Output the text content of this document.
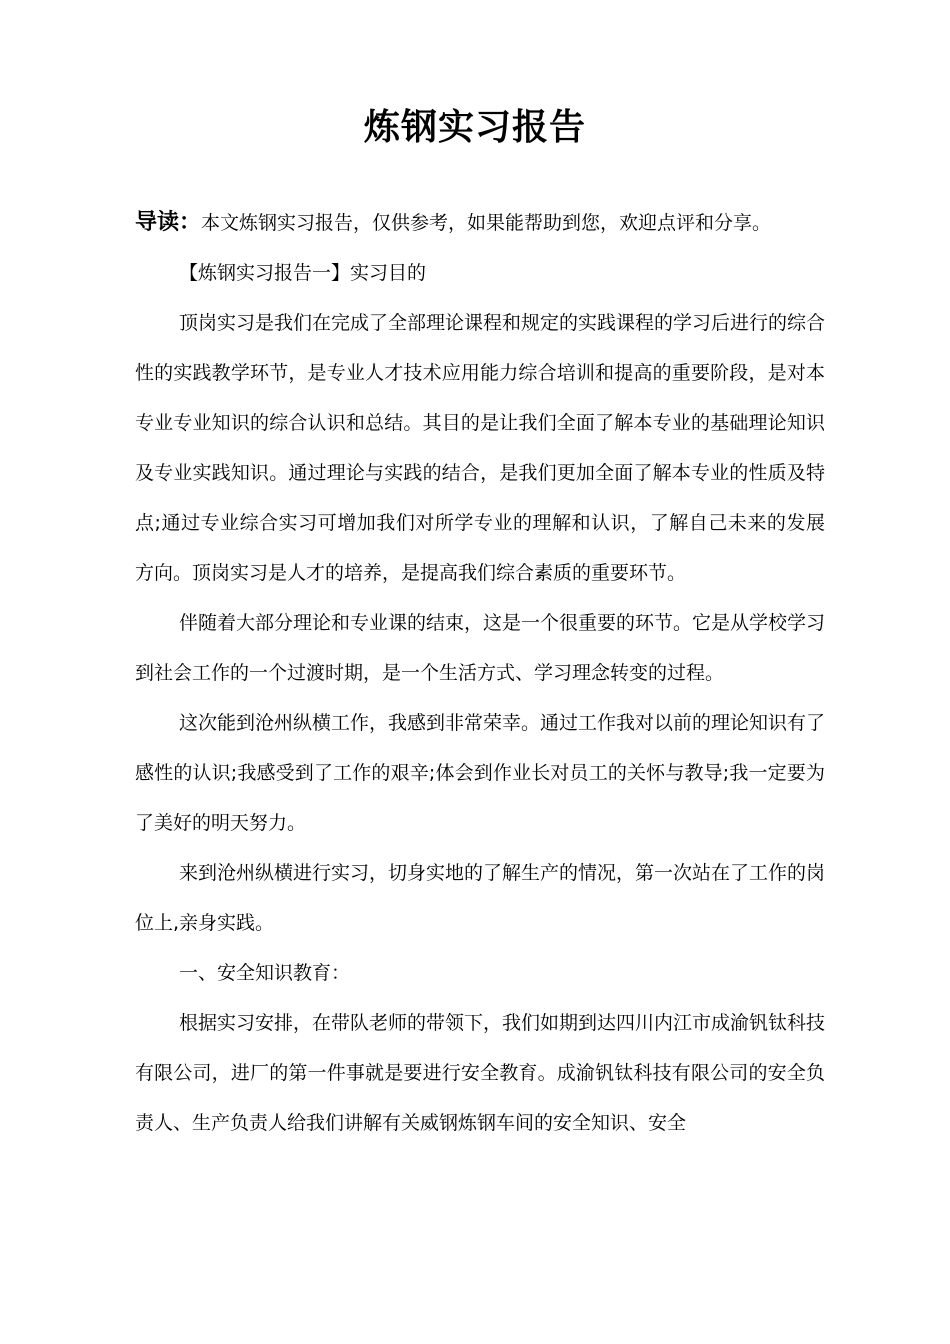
炼钢实习报告

导读：本文炼钢实习报告，仅供参考，如果能帮助到您，欢迎点评和分享。

【炼钢实习报告一】实习目的

顶岗实习是我们在完成了全部理论课程和规定的实践课程的学习后进行的综合性的实践教学环节，是专业人才技术应用能力综合培训和提高的重要阶段，是对本专业专业知识的综合认识和总结。其目的是让我们全面了解本专业的基础理论知识及专业实践知识。通过理论与实践的结合，是我们更加全面了解本专业的性质及特点;通过专业综合实习可增加我们对所学专业的理解和认识，了解自己未来的发展方向。顶岗实习是人才的培养，是提高我们综合素质的重要环节。

伴随着大部分理论和专业课的结束，这是一个很重要的环节。它是从学校学习到社会工作的一个过渡时期，是一个生活方式、学习理念转变的过程。

这次能到沧州纵横工作，我感到非常荣幸。通过工作我对以前的理论知识有了感性的认识;我感受到了工作的艰辛;体会到作业长对员工的关怀与教导;我一定要为了美好的明天努力。

来到沧州纵横进行实习，切身实地的了解生产的情况，第一次站在了工作的岗位上,亲身实践。

一、安全知识教育：

根据实习安排，在带队老师的带领下，我们如期到达四川内江市成渝钒钛科技有限公司，进厂的第一件事就是要进行安全教育。成渝钒钛科技有限公司的安全负责人、生产负责人给我们讲解有关威钢炼钢车间的安全知识、安全
